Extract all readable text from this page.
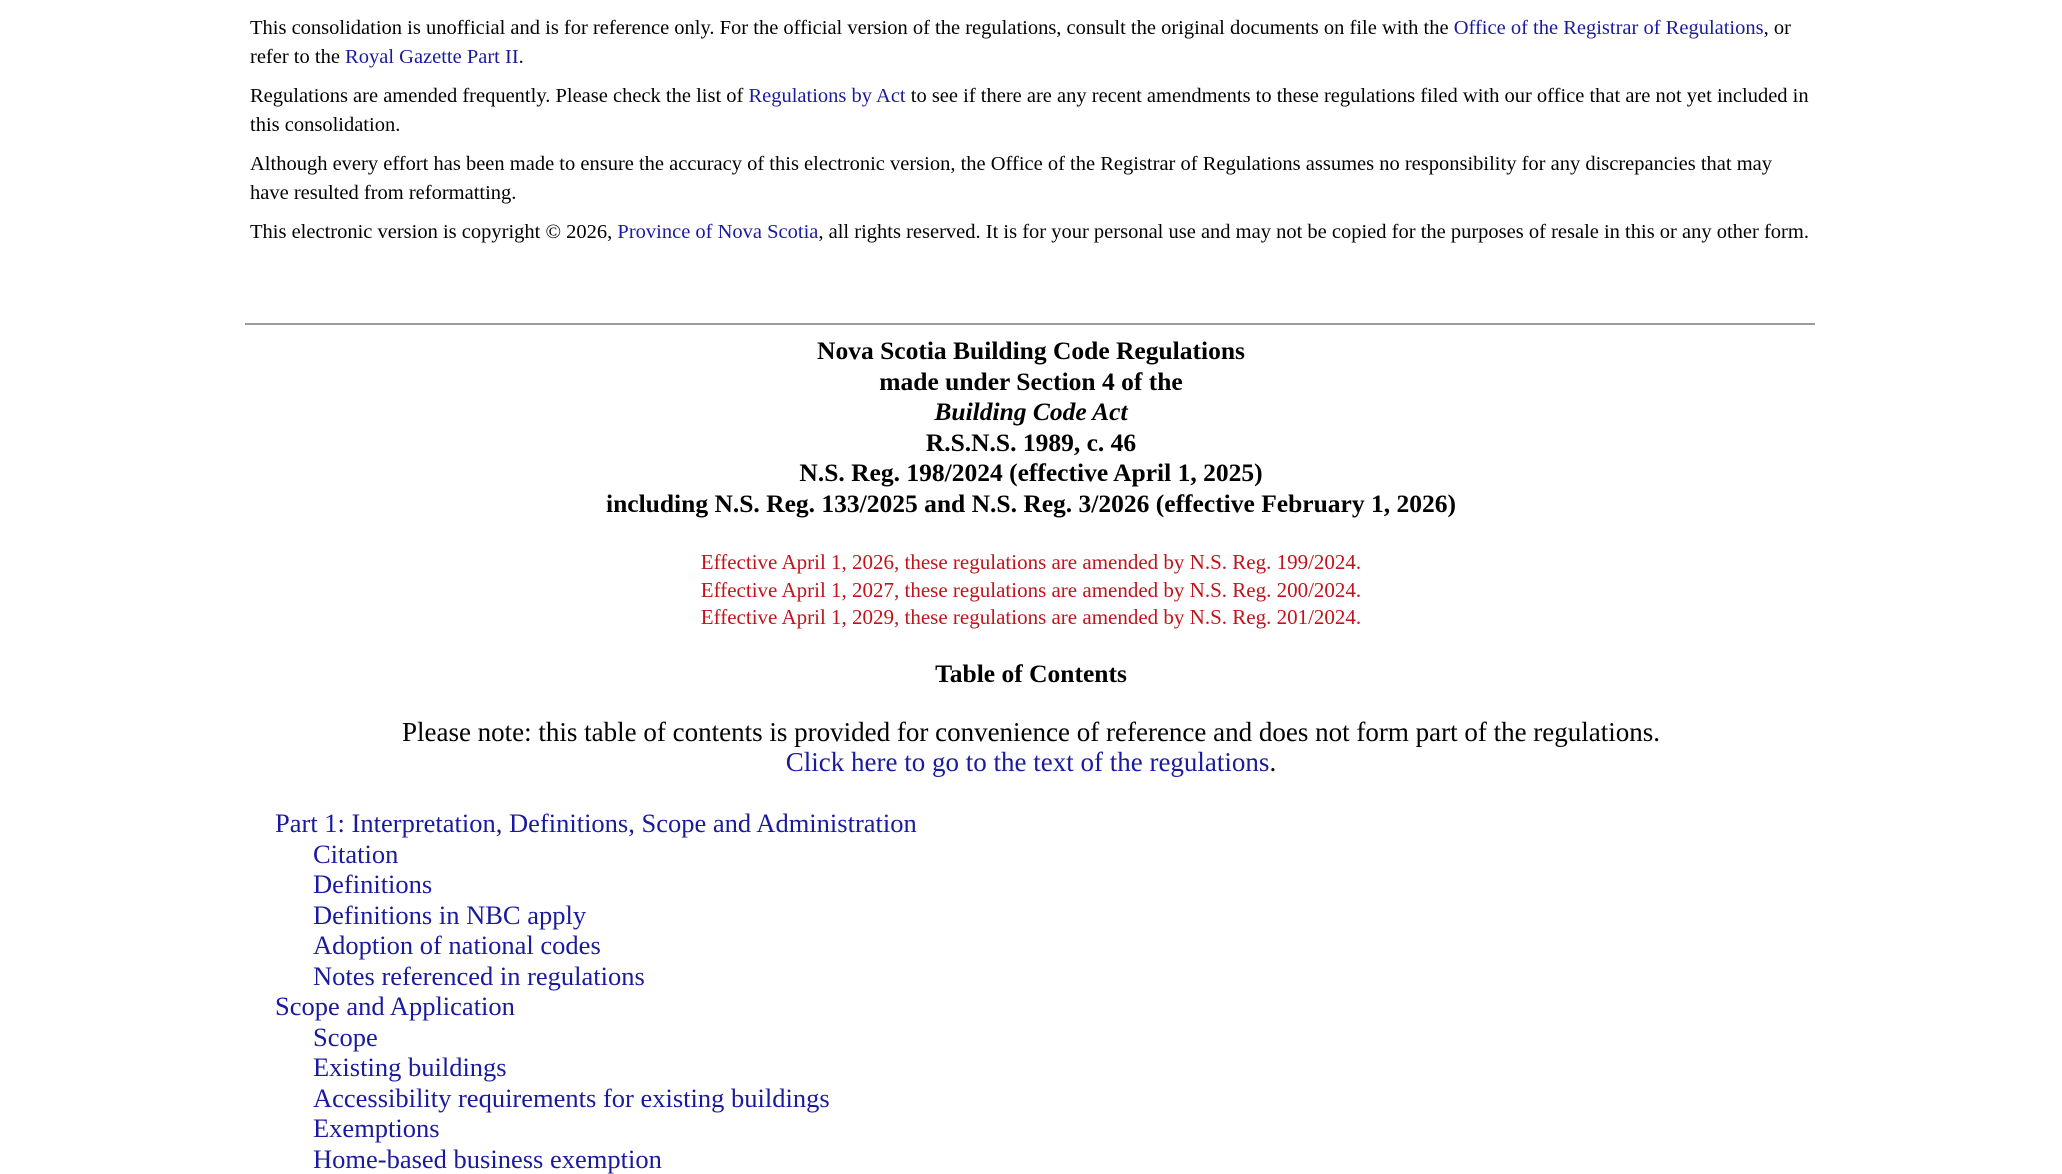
This consolidation is unofficial and is for reference only. For the official version of the regulations, consult the original documents on file with the Office of the Registrar of Regulations, or refer to the Royal Gazette Part II.

Regulations are amended frequently. Please check the list of Regulations by Act to see if there are any recent amendments to these regulations filed with our office that are not yet included in this consolidation.

Although every effort has been made to ensure the accuracy of this electronic version, the Office of the Registrar of Regulations assumes no responsibility for any discrepancies that may have resulted from reformatting.

This electronic version is copyright © 2026, Province of Nova Scotia, all rights reserved. It is for your personal use and may not be copied for the purposes of resale in this or any other form.

Nova Scotia Building Code Regulations
made under Section 4 of the
Building Code Act
R.S.N.S. 1989, c. 46
N.S. Reg. 198/2024 (effective April 1, 2025)
including N.S. Reg. 133/2025 and N.S. Reg. 3/2026 (effective February 1, 2026)
Effective April 1, 2026, these regulations are amended by N.S. Reg. 199/2024.
Effective April 1, 2027, these regulations are amended by N.S. Reg. 200/2024.
Effective April 1, 2029, these regulations are amended by N.S. Reg. 201/2024.
Table of Contents
Please note: this table of contents is provided for convenience of reference and does not form part of the regulations.
Click here to go to the text of the regulations.
Part 1: Interpretation, Definitions, Scope and Administration
Citation
Definitions
Definitions in NBC apply
Adoption of national codes
Notes referenced in regulations
Scope and Application
Scope
Existing buildings
Accessibility requirements for existing buildings
Exemptions
Home-based business exemption
